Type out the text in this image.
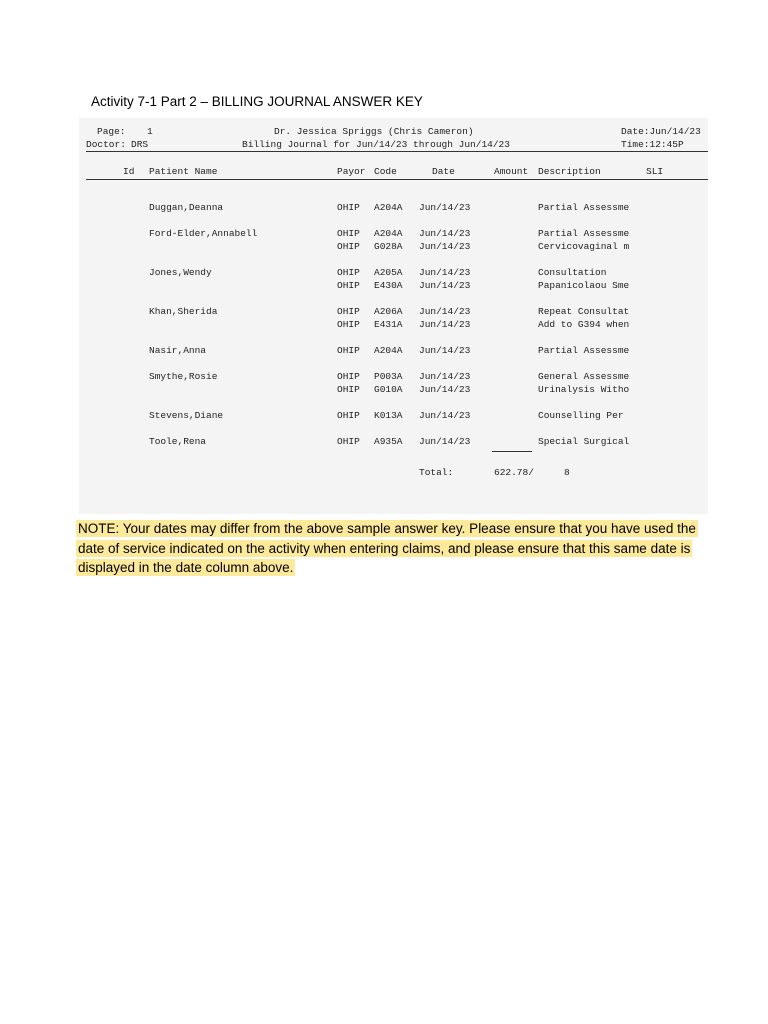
Activity 7-1 Part 2 – BILLING JOURNAL ANSWER KEY
Page: 1
Doctor: DRS
Dr. Jessica Spriggs (Chris Cameron)
Billing Journal for Jun/14/23 through Jun/14/23
Date:Jun/14/23
Time:12:45P
Id Patient Name	Payor Code	Date	Amount Description	SLI
Duggan,Deanna	OHIP A204A Jun/14/23	Partial Assessme
Ford-Elder,Annabell	OHIP A204A Jun/14/23	Partial Assessme
OHIP G028A Jun/14/23	Cervicovaginal m
Jones,Wendy	OHIP A205A Jun/14/23	Consultation
OHIP E430A Jun/14/23	Papanicolaou Sme
Khan,Sherida	OHIP A206A Jun/14/23	Repeat Consultat
OHIP E431A Jun/14/23	Add to G394 when
Nasir,Anna	OHIP A204A Jun/14/23	Partial Assessme
Smythe,Rosie	OHIP P003A Jun/14/23	General Assessme
OHIP G010A Jun/14/23	Urinalysis Witho
Stevens,Diane	OHIP K013A Jun/14/23	Counselling Per
Toole,Rena	OHIP A935A Jun/14/23	Special Surgical
Total:	622.78/	8
NOTE: Your dates may differ from the above sample answer key. Please ensure that you have used the date of service indicated on the activity when entering claims, and please ensure that this same date is displayed in the date column above.
